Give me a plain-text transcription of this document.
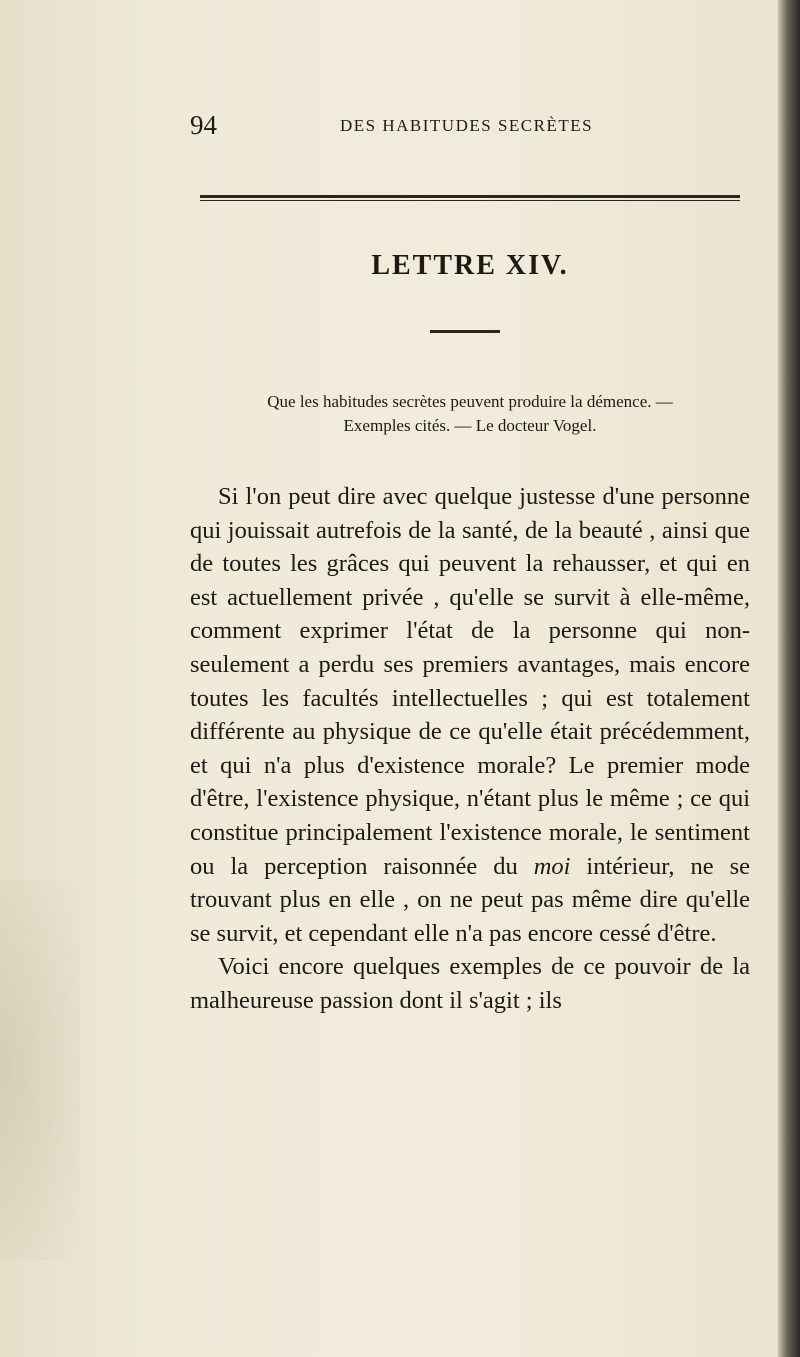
94	DES HABITUDES SECRÈTES
LETTRE XIV.
Que les habitudes secrètes peuvent produire la démence. —
Exemples cités. — Le docteur Vogel.

Si l'on peut dire avec quelque justesse d'une personne qui jouissait autrefois de la santé, de la beauté , ainsi que de toutes les grâces qui peuvent la rehausser, et qui en est actuellement privée , qu'elle se survit à elle-même, comment exprimer l'état de la personne qui non-seulement a perdu ses premiers avantages, mais encore toutes les facultés intellectuelles ; qui est totalement différente au physique de ce qu'elle était précédemment, et qui n'a plus d'existence morale? Le premier mode d'être, l'existence physique, n'étant plus le même ; ce qui constitue principalement l'existence morale, le sentiment ou la perception raisonnée du moi intérieur, ne se trouvant plus en elle , on ne peut pas même dire qu'elle se survit, et cependant elle n'a pas encore cessé d'être.

Voici encore quelques exemples de ce pouvoir de la malheureuse passion dont il s'agit ; ils
